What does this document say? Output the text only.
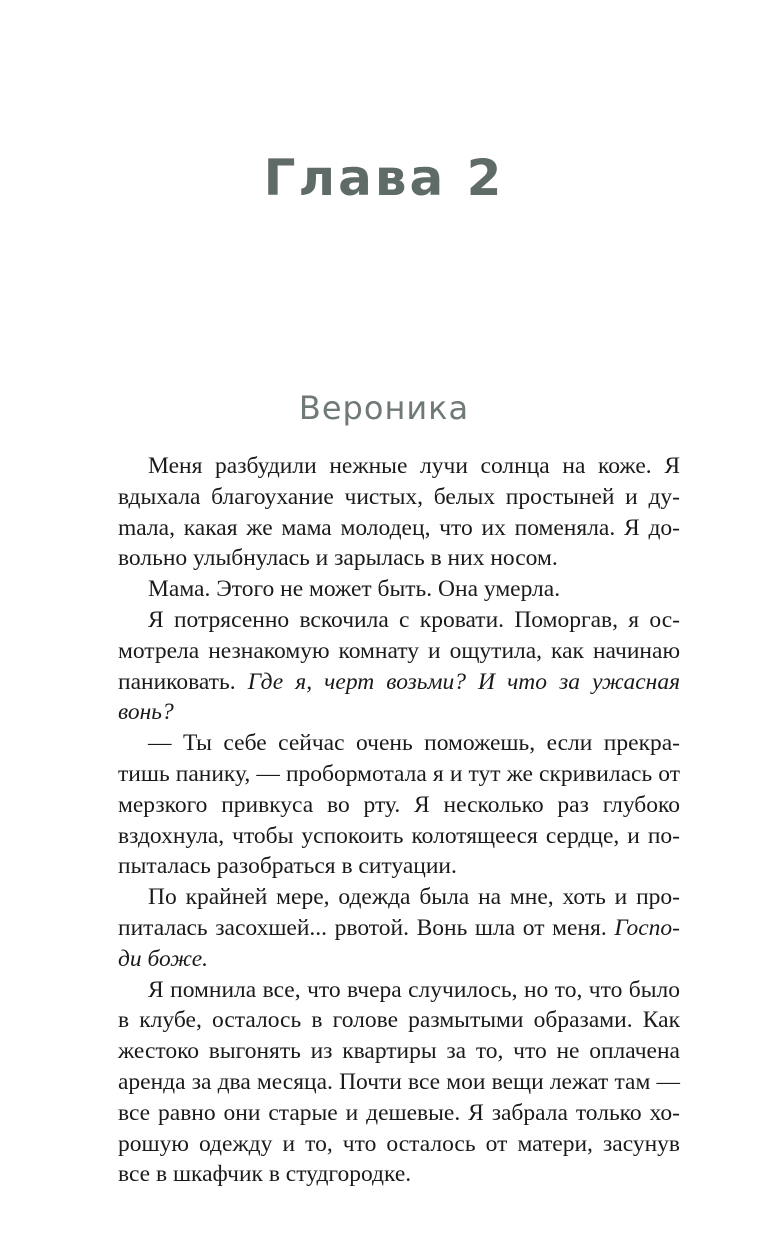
Глава 2
Вероника

Меня разбудили нежные лучи солнца на коже. Я вдыхала благоухание чистых, белых простыней и дуmала, какая же мама молодец, что их поменяла. Я довольно улыбнулась и зарылась в них носом.

Мама. Этого не может быть. Она умерла.

Я потрясенно вскочила с кровати. Поморгав, я осмотрела незнакомую комнату и ощутила, как начинаю паниковать. Где я, черт возьми? И что за ужасная вонь?

— Ты себе сейчас очень поможешь, если прекратишь панику, — пробормотала я и тут же скривилась от мерзкого привкуса во рту. Я несколько раз глубоко вздохнула, чтобы успокоить колотящееся сердце, и попыталась разобраться в ситуации.

По крайней мере, одежда была на мне, хоть и пропиталась засохшей... рвотой. Вонь шла от меня. Господи боже.

Я помнила все, что вчера случилось, но то, что было в клубе, осталось в голове размытыми образами. Как жестоко выгонять из квартиры за то, что не оплачена аренда за два месяца. Почти все мои вещи лежат там — все равно они старые и дешевые. Я забрала только хорошую одежду и то, что осталось от матери, засунув все в шкафчик в студгородке.
